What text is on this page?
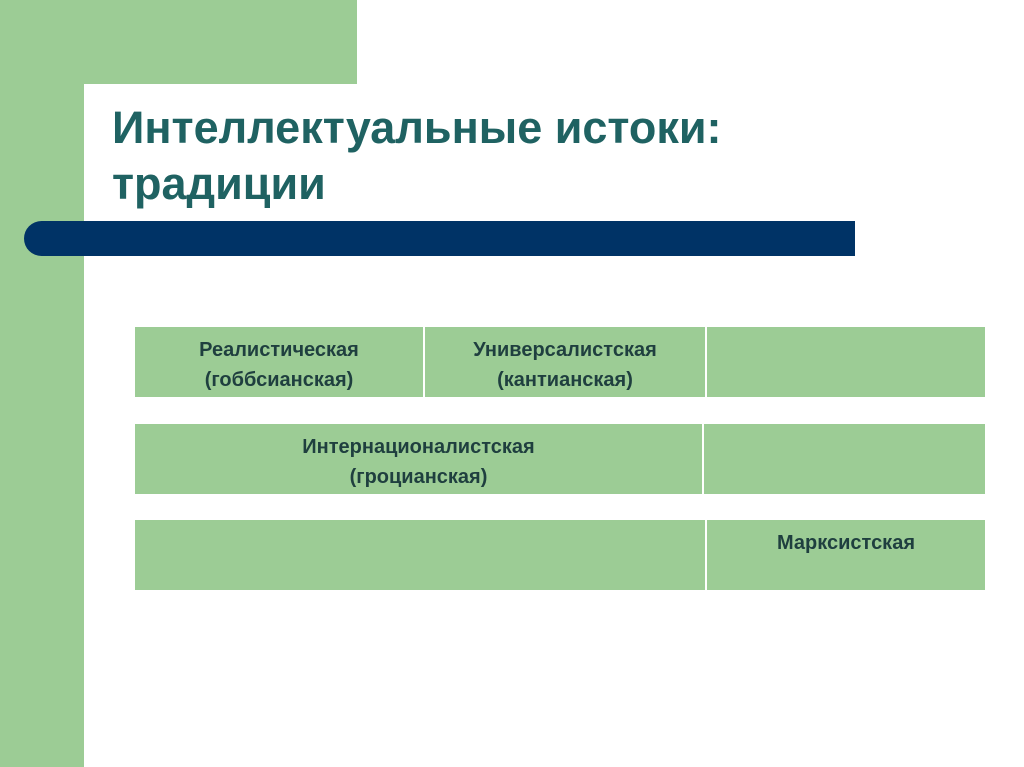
Интеллектуальные истоки:
традиции
Реалистическая
(гоббсианская)
Универсалистская
(кантианская)
Интернационалистская
(гроцианская)
Марксистская
